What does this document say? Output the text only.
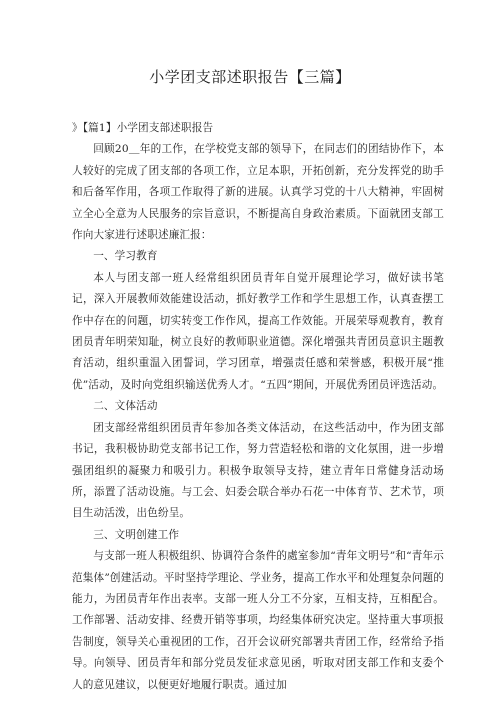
小学团支部述职报告【三篇】

》【篇1】小学团支部述职报告

回顾20＿年的工作，在学校党支部的领导下，在同志们的团结协作下，本人较好的完成了团支部的各项工作，立足本职，开拓创新，充分发挥党的助手和后备军作用，各项工作取得了新的进展。认真学习党的十八大精神，牢固树立全心全意为人民服务的宗旨意识，不断提高自身政治素质。下面就团支部工作向大家进行述职述廉汇报：

一、学习教育

本人与团支部一班人经常组织团员青年自觉开展理论学习，做好读书笔记，深入开展教师效能建设活动，抓好教学工作和学生思想工作，认真查摆工作中存在的问题，切实转变工作作风，提高工作效能。开展荣辱观教育，教育团员青年明荣知耻，树立良好的教师职业道德。深化增强共青团员意识主题教育活动，组织重温入团誓词，学习团章，增强责任感和荣誉感，积极开展“推优”活动，及时向党组织输送优秀人才。“五四”期间，开展优秀团员评选活动。

二、文体活动

团支部经常组织团员青年参加各类文体活动，在这些活动中，作为团支部书记，我积极协助党支部书记工作，努力营造轻松和谐的文化氛围，进一步增强团组织的凝聚力和吸引力。积极争取领导支持，建立青年日常健身活动场所，添置了活动设施。与工会、妇委会联合举办石花一中体育节、艺术节，项目生动活泼，出色纷呈。

三、文明创建工作

与支部一班人积极组织、协调符合条件的處室参加“青年文明号”和“青年示范集体”创建活动。平时坚持学理论、学业务，提高工作水平和处理复杂问题的能力，为团员青年作出表率。支部一班人分工不分家，互相支持，互相配合。工作部署、活动安排、经费开销等事项，均经集体研究决定。坚持重大事项报告制度，领导关心重视团的工作，召开会议研究部署共青团工作，经常给予指导。向领导、团员青年和部分党员发征求意见函，听取对团支部工作和支委个人的意见建议，以便更好地履行职责。通过加
